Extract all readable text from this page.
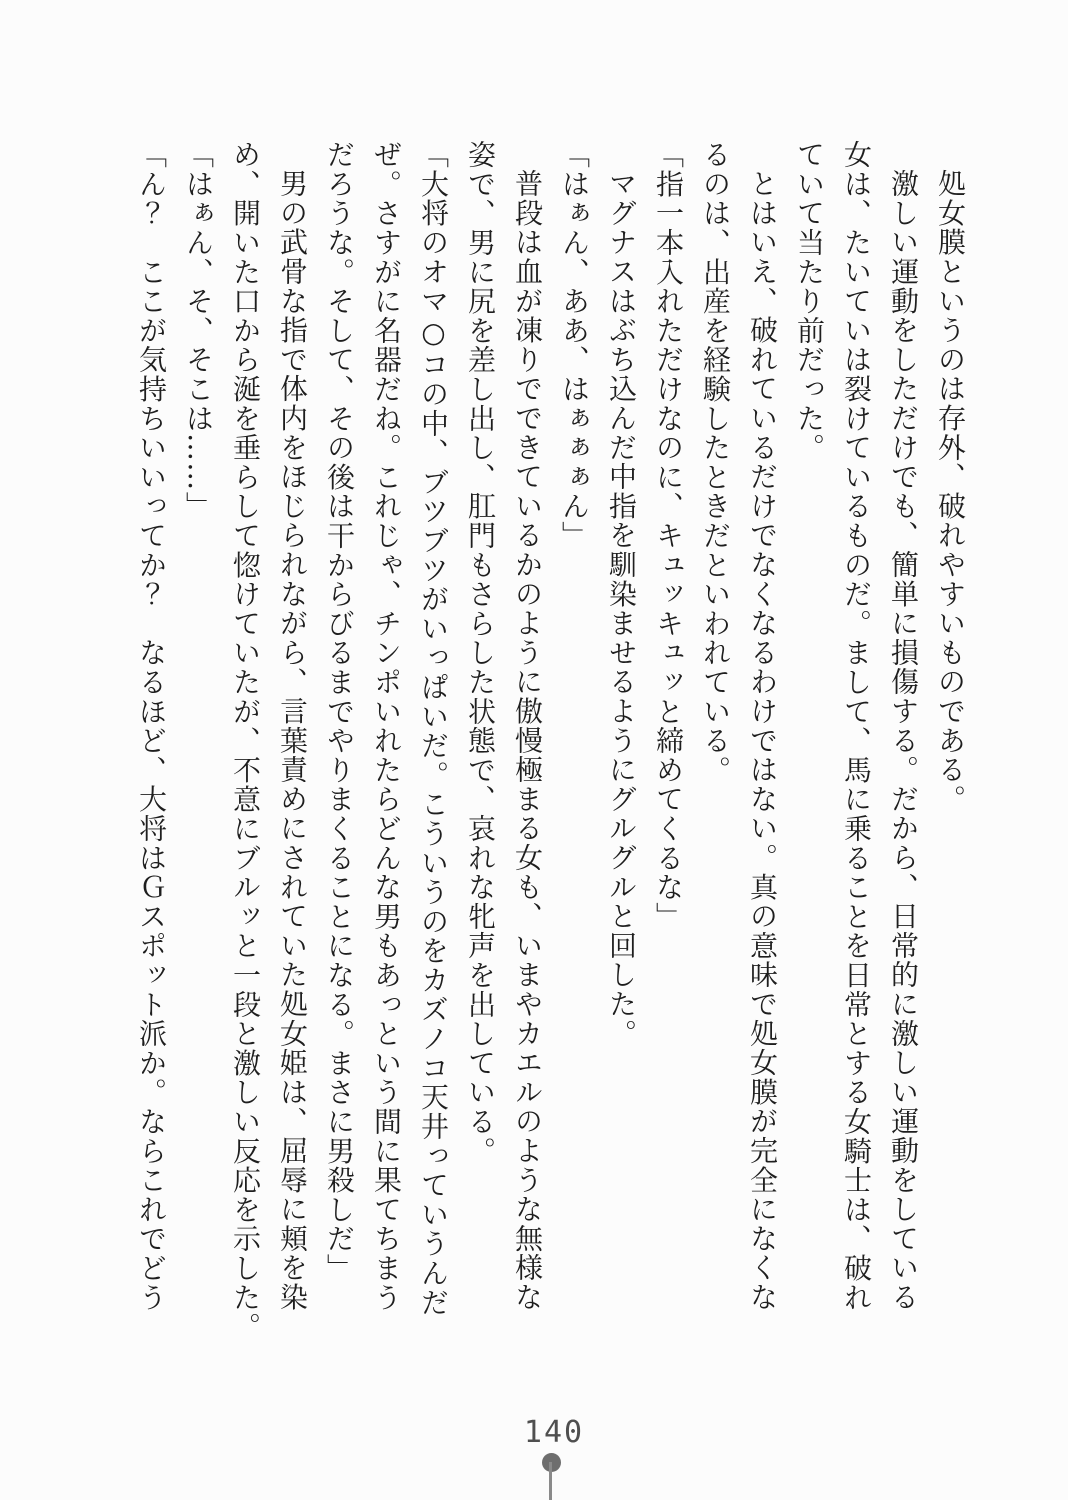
処女膜というのは存外、破れやすいものである。

激しい運動をしただけでも、簡単に損傷する。だから、日常的に激しい運動をしている

女は、たいていは裂けているものだ。まして、馬に乗ることを日常とする女騎士は、破れ

ていて当たり前だった。

とはいえ、破れているだけでなくなるわけではない。真の意味で処女膜が完全になくな

るのは、出産を経験したときだといわれている。

「指一本入れただけなのに、キュッキュッと締めてくるな」

マグナスはぶち込んだ中指を馴染ませるようにグルグルと回した。

「はぁん、ああ、はぁぁぁん」

普段は血が凍りでできているかのように傲慢極まる女も、いまやカエルのような無様な

姿で、男に尻を差し出し、肛門もさらした状態で、哀れな牝声を出している。

「大将のオマ○コの中、ブツブツがいっぱいだ。こういうのをカズノコ天井っていうんだ

ぜ。さすがに名器だね。これじゃ、チンポいれたらどんな男もあっという間に果てちまう

だろうな。そして、その後は干からびるまでやりまくることになる。まさに男殺しだ」

男の武骨な指で体内をほじられながら、言葉責めにされていた処女姫は、屈辱に頬を染

め、開いた口から涎を垂らして惚けていたが、不意にブルッと一段と激しい反応を示した。

「はぁん、そ、そこは……」

「ん？　ここが気持ちいいってか？　なるほど、大将はＧスポット派か。ならこれでどう

140
